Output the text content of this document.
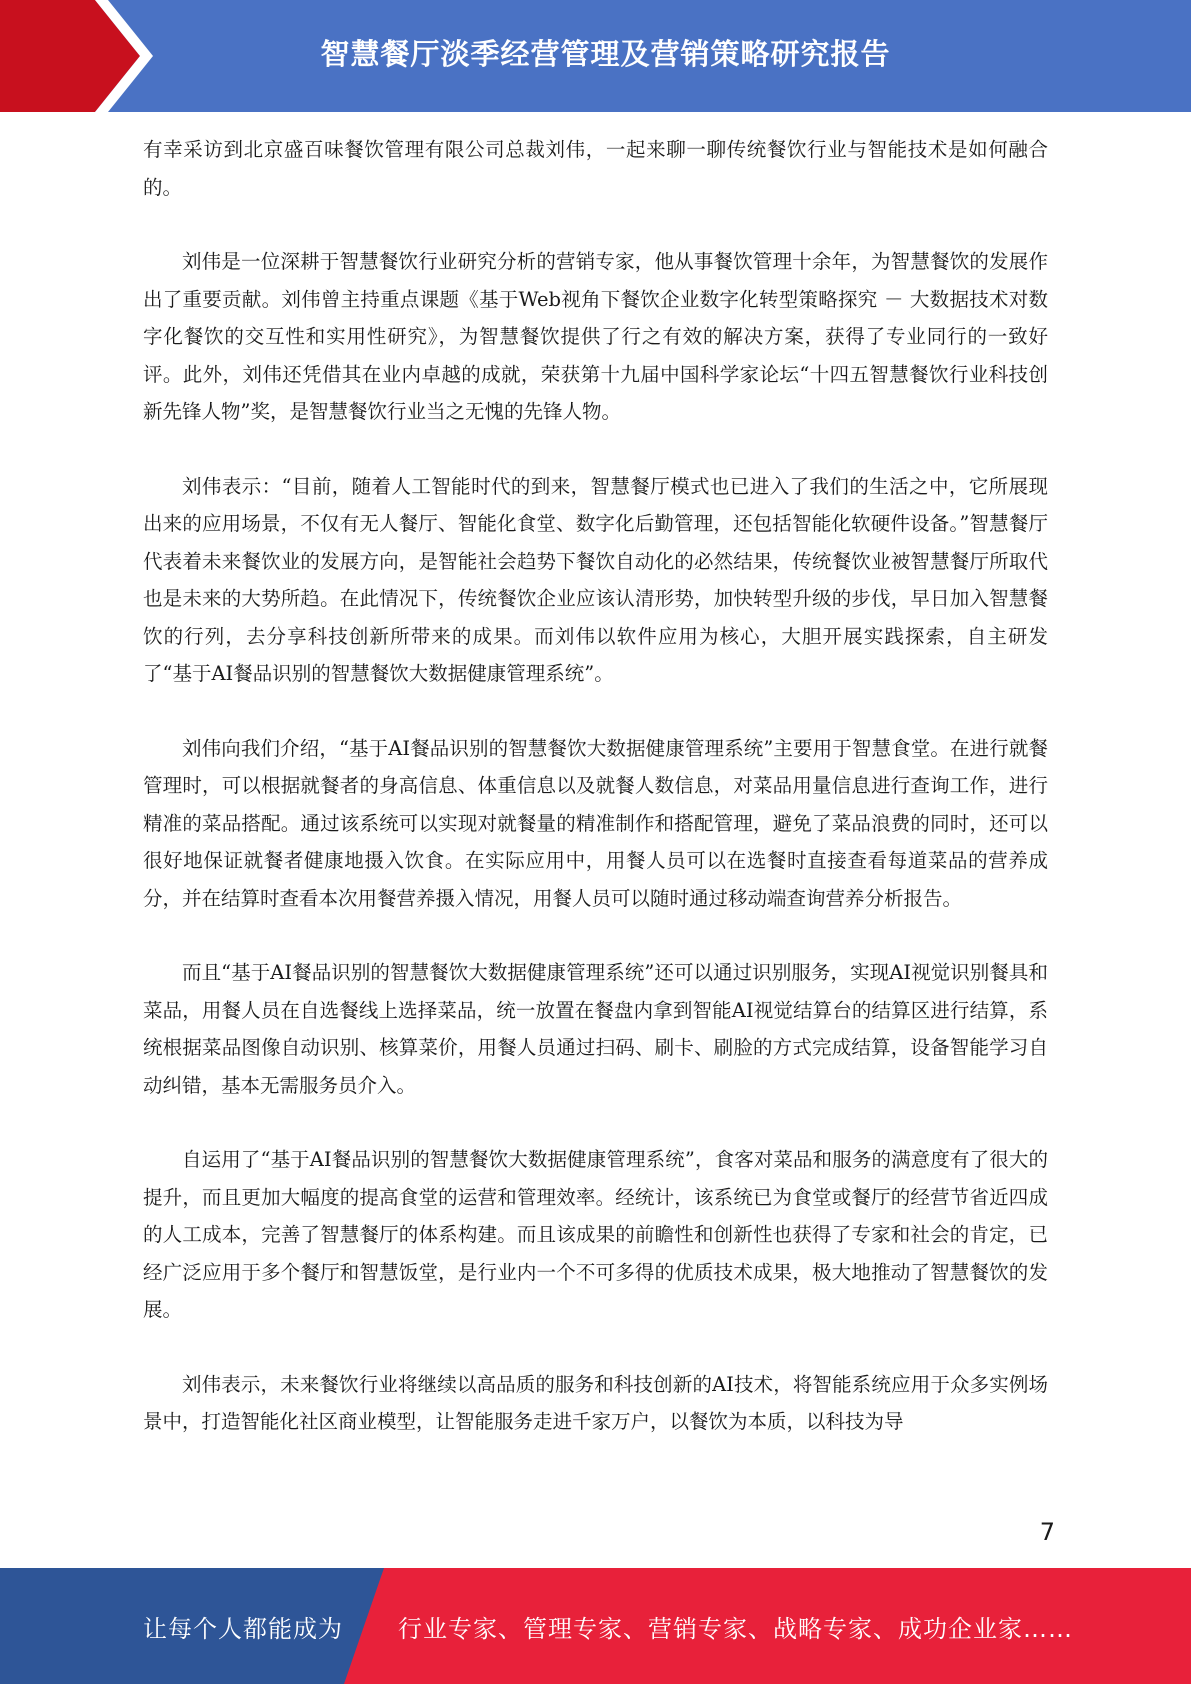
智慧餐厅淡季经营管理及营销策略研究报告

有幸采访到北京盛百味餐饮管理有限公司总裁刘伟，一起来聊一聊传统餐饮行业与智能技术是如何融合的。

刘伟是一位深耕于智慧餐饮行业研究分析的营销专家，他从事餐饮管理十余年，为智慧餐饮的发展作出了重要贡献。刘伟曾主持重点课题《基于Web视角下餐饮企业数字化转型策略探究 － 大数据技术对数字化餐饮的交互性和实用性研究》，为智慧餐饮提供了行之有效的解决方案，获得了专业同行的一致好评。此外，刘伟还凭借其在业内卓越的成就，荣获第十九届中国科学家论坛“十四五智慧餐饮行业科技创新先锋人物”奖，是智慧餐饮行业当之无愧的先锋人物。

刘伟表示：“目前，随着人工智能时代的到来，智慧餐厅模式也已进入了我们的生活之中，它所展现出来的应用场景，不仅有无人餐厅、智能化食堂、数字化后勤管理，还包括智能化软硬件设备。”智慧餐厅代表着未来餐饮业的发展方向，是智能社会趋势下餐饮自动化的必然结果，传统餐饮业被智慧餐厅所取代也是未来的大势所趋。在此情况下，传统餐饮企业应该认清形势，加快转型升级的步伐，早日加入智慧餐饮的行列，去分享科技创新所带来的成果。而刘伟以软件应用为核心，大胆开展实践探索，自主研发了“基于AI餐品识别的智慧餐饮大数据健康管理系统”。

刘伟向我们介绍，“基于AI餐品识别的智慧餐饮大数据健康管理系统”主要用于智慧食堂。在进行就餐管理时，可以根据就餐者的身高信息、体重信息以及就餐人数信息，对菜品用量信息进行查询工作，进行精准的菜品搭配。通过该系统可以实现对就餐量的精准制作和搭配管理，避免了菜品浪费的同时，还可以很好地保证就餐者健康地摄入饮食。在实际应用中，用餐人员可以在选餐时直接查看每道菜品的营养成分，并在结算时查看本次用餐营养摄入情况，用餐人员可以随时通过移动端查询营养分析报告。

而且“基于AI餐品识别的智慧餐饮大数据健康管理系统”还可以通过识别服务，实现AI视觉识别餐具和菜品，用餐人员在自选餐线上选择菜品，统一放置在餐盘内拿到智能AI视觉结算台的结算区进行结算，系统根据菜品图像自动识别、核算菜价，用餐人员通过扫码、刷卡、刷脸的方式完成结算，设备智能学习自动纠错，基本无需服务员介入。

自运用了“基于AI餐品识别的智慧餐饮大数据健康管理系统”，食客对菜品和服务的满意度有了很大的提升，而且更加大幅度的提高食堂的运营和管理效率。经统计，该系统已为食堂或餐厅的经营节省近四成的人工成本，完善了智慧餐厅的体系构建。而且该成果的前瞻性和创新性也获得了专家和社会的肯定，已经广泛应用于多个餐厅和智慧饭堂，是行业内一个不可多得的优质技术成果，极大地推动了智慧餐饮的发展。

刘伟表示，未来餐饮行业将继续以高品质的服务和科技创新的AI技术，将智能系统应用于众多实例场景中，打造智能化社区商业模型，让智能服务走进千家万户，以餐饮为本质，以科技为导

7
让每个人都能成为 行业专家、管理专家、营销专家、战略专家、成功企业家……
